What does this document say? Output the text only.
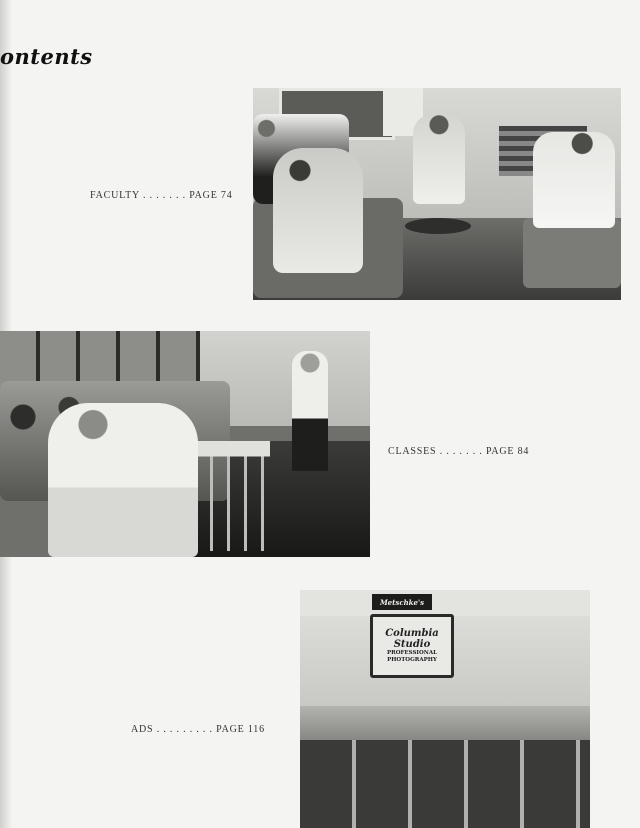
ontents
FACULTY . . . . . . . PAGE 74
CLASSES . . . . . . . PAGE 84
ADS . . . . . . . . . PAGE 116
Metschke's
Columbia Studio
PROFESSIONAL
PHOTOGRAPHY
